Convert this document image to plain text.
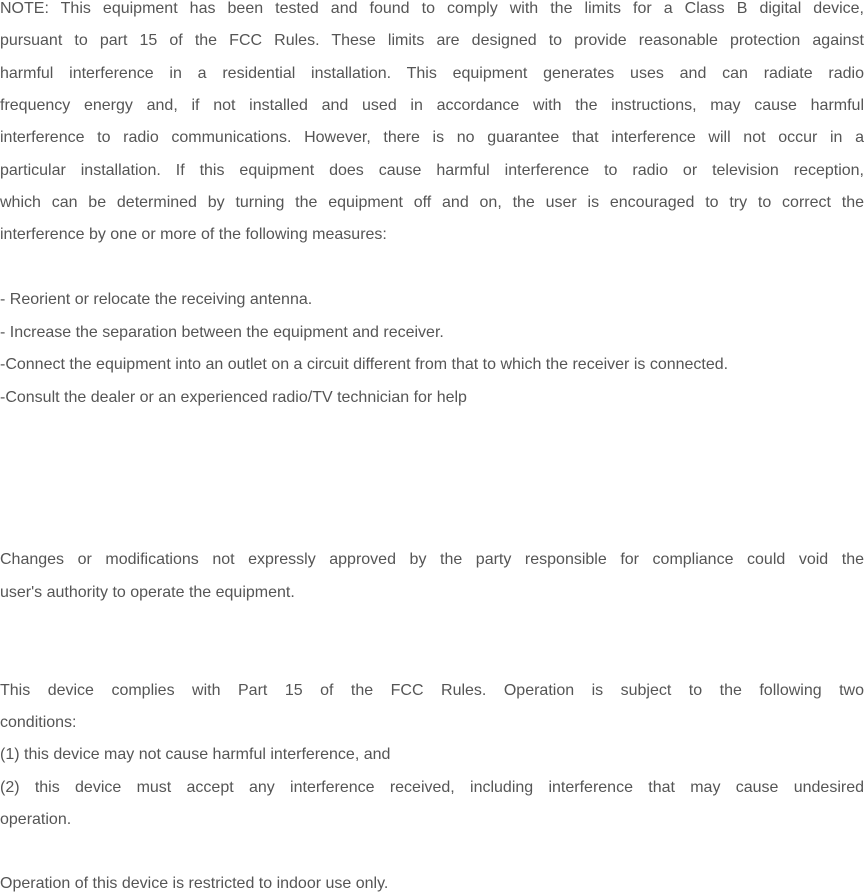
NOTE: This equipment has been tested and found to comply with the limits for a Class B digital device,
pursuant to part 15 of the FCC Rules. These limits are designed to provide reasonable protection against
harmful interference in a residential installation. This equipment generates uses and can radiate radio
frequency energy and, if not installed and used in accordance with the instructions, may cause harmful
interference to radio communications. However, there is no guarantee that interference will not occur in a
particular installation. If this equipment does cause harmful interference to radio or television reception,
which can be determined by turning the equipment off and on, the user is encouraged to try to correct the
interference by one or more of the following measures:
- Reorient or relocate the receiving antenna.
- Increase the separation between the equipment and receiver.
-Connect the equipment into an outlet on a circuit different from that to which the receiver is connected.
-Consult the dealer or an experienced radio/TV technician for help
Changes or modifications not expressly approved by the party responsible for compliance could void the
user's authority to operate the equipment.
This device complies with Part 15 of the FCC Rules. Operation is subject to the following two
conditions:
(1) this device may not cause harmful interference, and
(2) this device must accept any interference received, including interference that may cause undesired
operation.
Operation of this device is restricted to indoor use only.
